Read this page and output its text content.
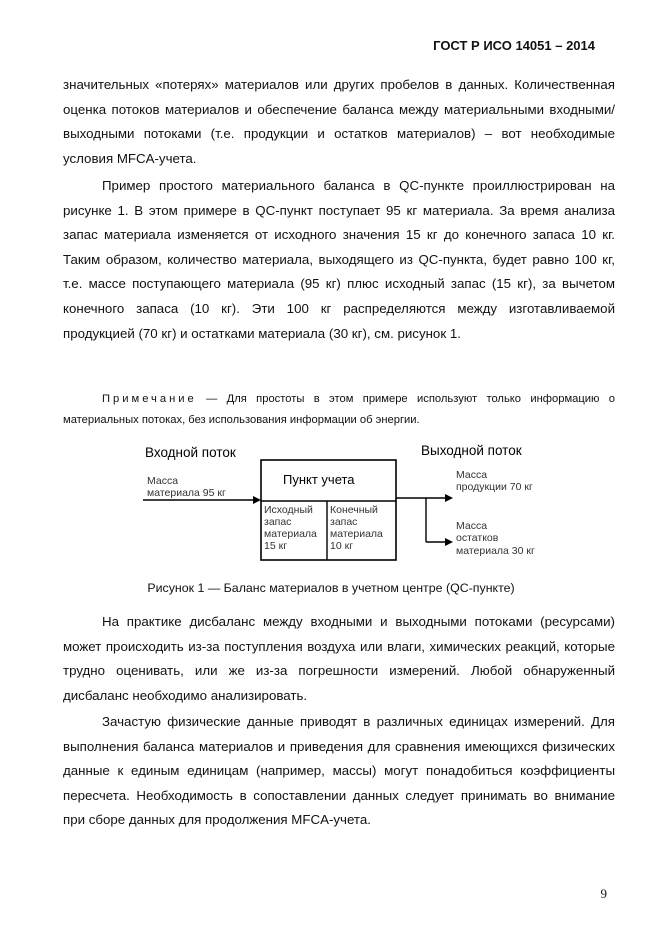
ГОСТ Р ИСО 14051 – 2014

значительных «потерях» материалов или других пробелов в данных. Количественная оценка потоков материалов и обеспечение баланса между материальными входными/выходными потоками (т.е. продукции и остатков материалов) – вот необходимые условия MFCA-учета.

Пример простого материального баланса в QC-пункте проиллюстрирован на рисунке 1. В этом примере в QC-пункт поступает 95 кг материала. За время анализа запас материала изменяется от исходного значения 15 кг до конечного запаса 10 кг. Таким образом, количество материала, выходящего из QC-пункта, будет равно 100 кг, т.е. массе поступающего материала (95 кг) плюс исходный запас (15 кг), за вычетом конечного запаса (10 кг). Эти 100 кг распределяются между изготавливаемой продукцией (70 кг) и остатками материала (30 кг), см. рисунок 1.

Примечание — Для простоты в этом примере используют только информацию о материальных потоках, без использования информации об энергии.
Входной поток	Выходной поток
Масса
материала 95 кг
Пункт учета
Исходный
запас
материала
15 кг
Конечный
запас
материала
10 кг
Масса
продукции 70 кг
Масса
остатков
материала 30 кг
Рисунок 1 — Баланс материалов в учетном центре (QC-пункте)

На практике дисбаланс между входными и выходными потоками (ресурсами) может происходить из-за поступления воздуха или влаги, химических реакций, которые трудно оценивать, или же из-за погрешности измерений. Любой обнаруженный дисбаланс необходимо анализировать.

Зачастую физические данные приводят в различных единицах измерений. Для выполнения баланса материалов и приведения для сравнения имеющихся физических данные к единым единицам (например, массы) могут понадобиться коэффициенты пересчета. Необходимость в сопоставлении данных следует принимать во внимание при сборе данных для продолжения MFCA-учета.

9
